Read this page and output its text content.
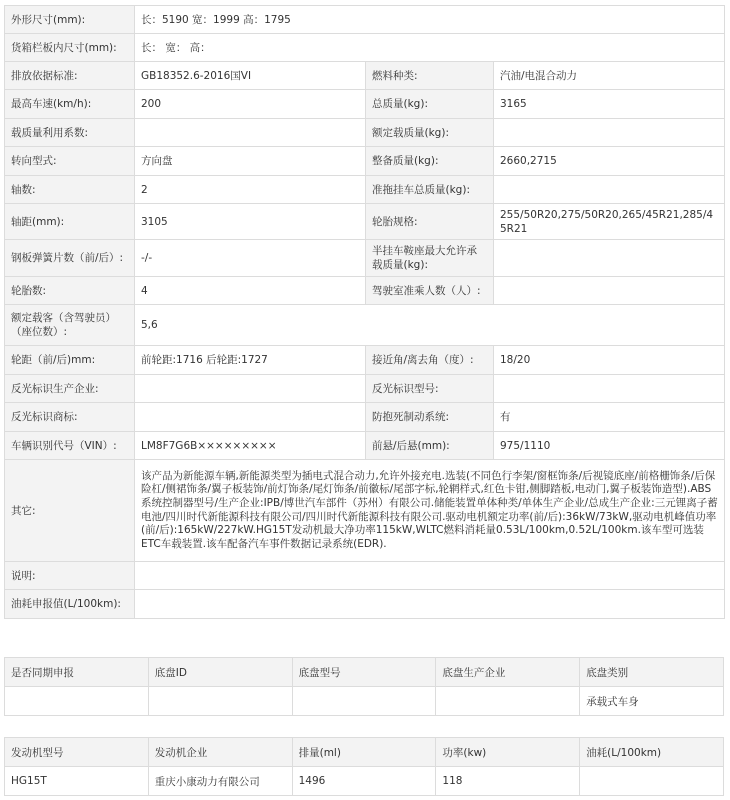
外形尺寸(mm):	长：5190 宽：1999 高：1795		
货箱栏板内尺寸(mm):	长： 宽： 高：		
排放依据标准:	GB18352.6-2016国VI	燃料种类:	汽油/电混合动力
最高车速(km/h):	200	总质量(kg):	3165
载质量利用系数:		额定载质量(kg):	
转向型式:	方向盘	整备质量(kg):	2660,2715
轴数:	2	准拖挂车总质量(kg):	
轴距(mm):	3105	轮胎规格:	255/50R20,275/50R20,265/45R21,285/45R21
钢板弹簧片数（前/后）:	-/-	半挂车鞍座最大允许承载质量(kg):	
轮胎数:	4	驾驶室准乘人数（人）:	
额定载客（含驾驶员）（座位数）:	5,6		
轮距（前/后)mm:	前轮距:1716 后轮距:1727	接近角/离去角（度）:	18/20
反光标识生产企业:		反光标识型号:	
反光标识商标:		防抱死制动系统:	有
车辆识别代号（VIN）:	LM8F7G6B×××××××××	前悬/后悬(mm):	975/1110
其它:	该产品为新能源车辆,新能源类型为插电式混合动力,允许外接充电.选装(不同色行李架/窗框饰条/后视镜底座/前格栅饰条/后保险杠/侧裙饰条/翼子板装饰/前灯饰条/尾灯饰条/前徽标/尾部字标,轮辋样式,红色卡钳,侧脚踏板,电动门,翼子板装饰造型).ABS系统控制器型号/生产企业:IPB/博世汽车部件（苏州）有限公司.储能装置单体种类/单体生产企业/总成生产企业:三元锂离子蓄电池/四川时代新能源科技有限公司/四川时代新能源科技有限公司.驱动电机额定功率(前/后):36kW/73kW,驱动电机峰值功率(前/后):165kW/227kW.HG15T发动机最大净功率115kW,WLTC燃料消耗量0.53L/100km,0.52L/100km.该车型可选装ETC车载装置.该车配备汽车事件数据记录系统(EDR).		
说明:			
油耗申报值(L/100km):			
是否同期申报	底盘ID	底盘型号	底盘生产企业	底盘类别
				承载式车身
发动机型号	发动机企业	排量(ml)	功率(kw)	油耗(L/100km)
HG15T	重庆小康动力有限公司	1496	118	
